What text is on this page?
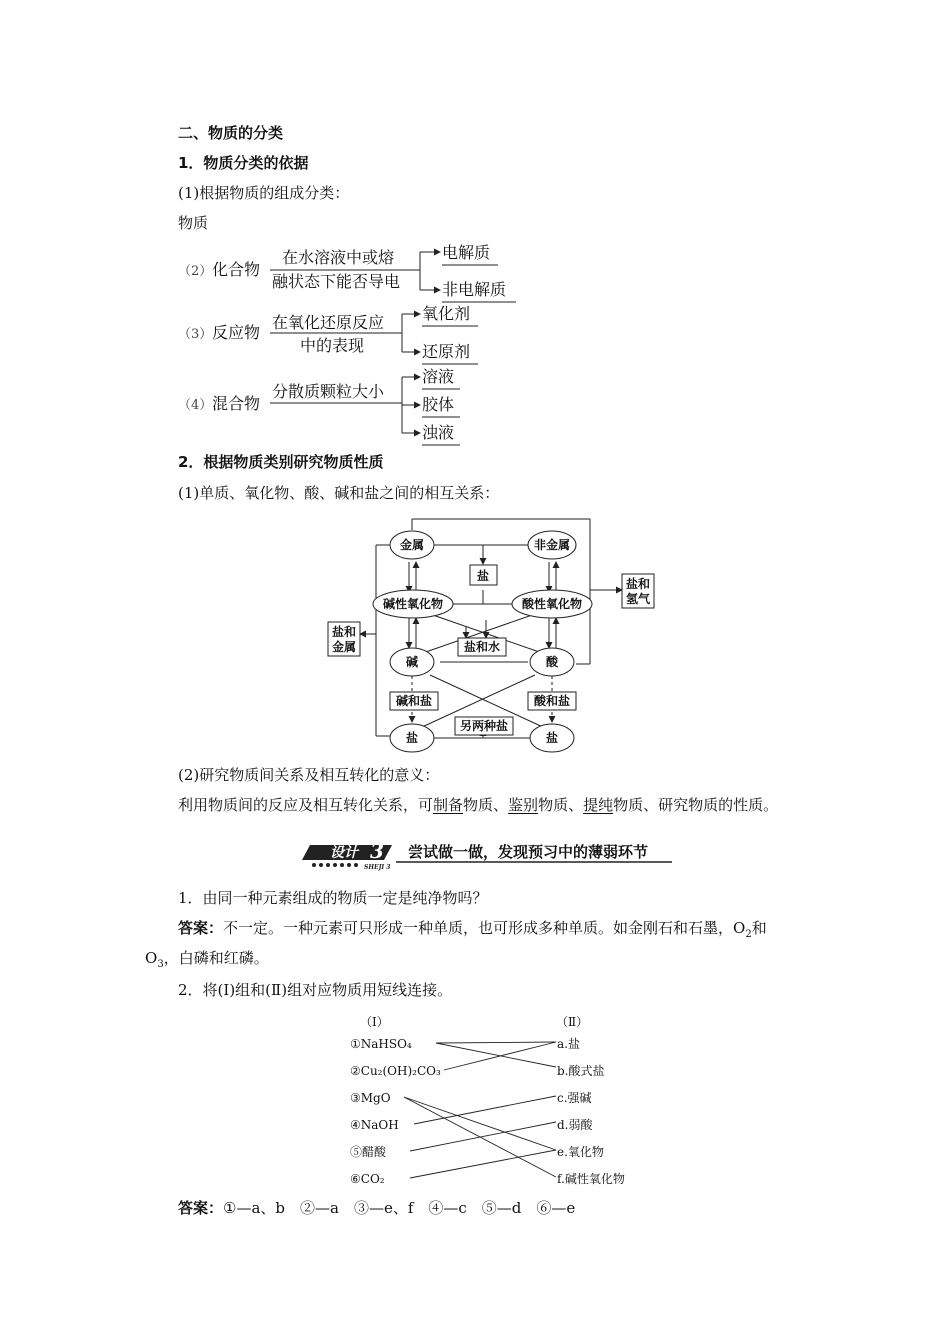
二、物质的分类
1．物质分类的依据
(1)根据物质的组成分类：
物质
（2） 化合物
在水溶液中或熔
融状态下能否导电
电解质
非电解质
（3） 反应物
在氧化还原反应
中的表现
氧化剂
还原剂
（4） 混合物
分散质颗粒大小
溶液
胶体
浊液
2．根据物质类别研究物质性质
(1)单质、氧化物、酸、碱和盐之间的相互关系：
金属	非金属
盐
碱性氧化物	酸性氧化物
盐和水
碱	酸
碱和盐	酸和盐
另两种盐
盐	盐
盐和
金属
盐和
氢气
设计 3
SHEJI 3
(2)研究物质间关系及相互转化的意义：
利用物质间的反应及相互转化关系，可制备物质、鉴别物质、提纯物质、研究物质的性质。
尝试做一做，发现预习中的薄弱环节
1．由同一种元素组成的物质一定是纯净物吗？
答案：不一定。一种元素可只形成一种单质，也可形成多种单质。如金刚石和石墨，$O_2$和
$O_3$，白磷和红磷。
2．将(Ⅰ)组和(Ⅱ)组对应物质用短线连接。
（Ⅰ）	（Ⅱ）
①NaHSO₄
②Cu₂(OH)₂CO₃
③MgO
④NaOH
⑤醋酸
⑥CO₂
a.盐
b.酸式盐
c.强碱
d.弱酸
e.氧化物
f.碱性氧化物
答案：①—a、b　②—a　③—e、f　④—c　⑤—d　⑥—e
